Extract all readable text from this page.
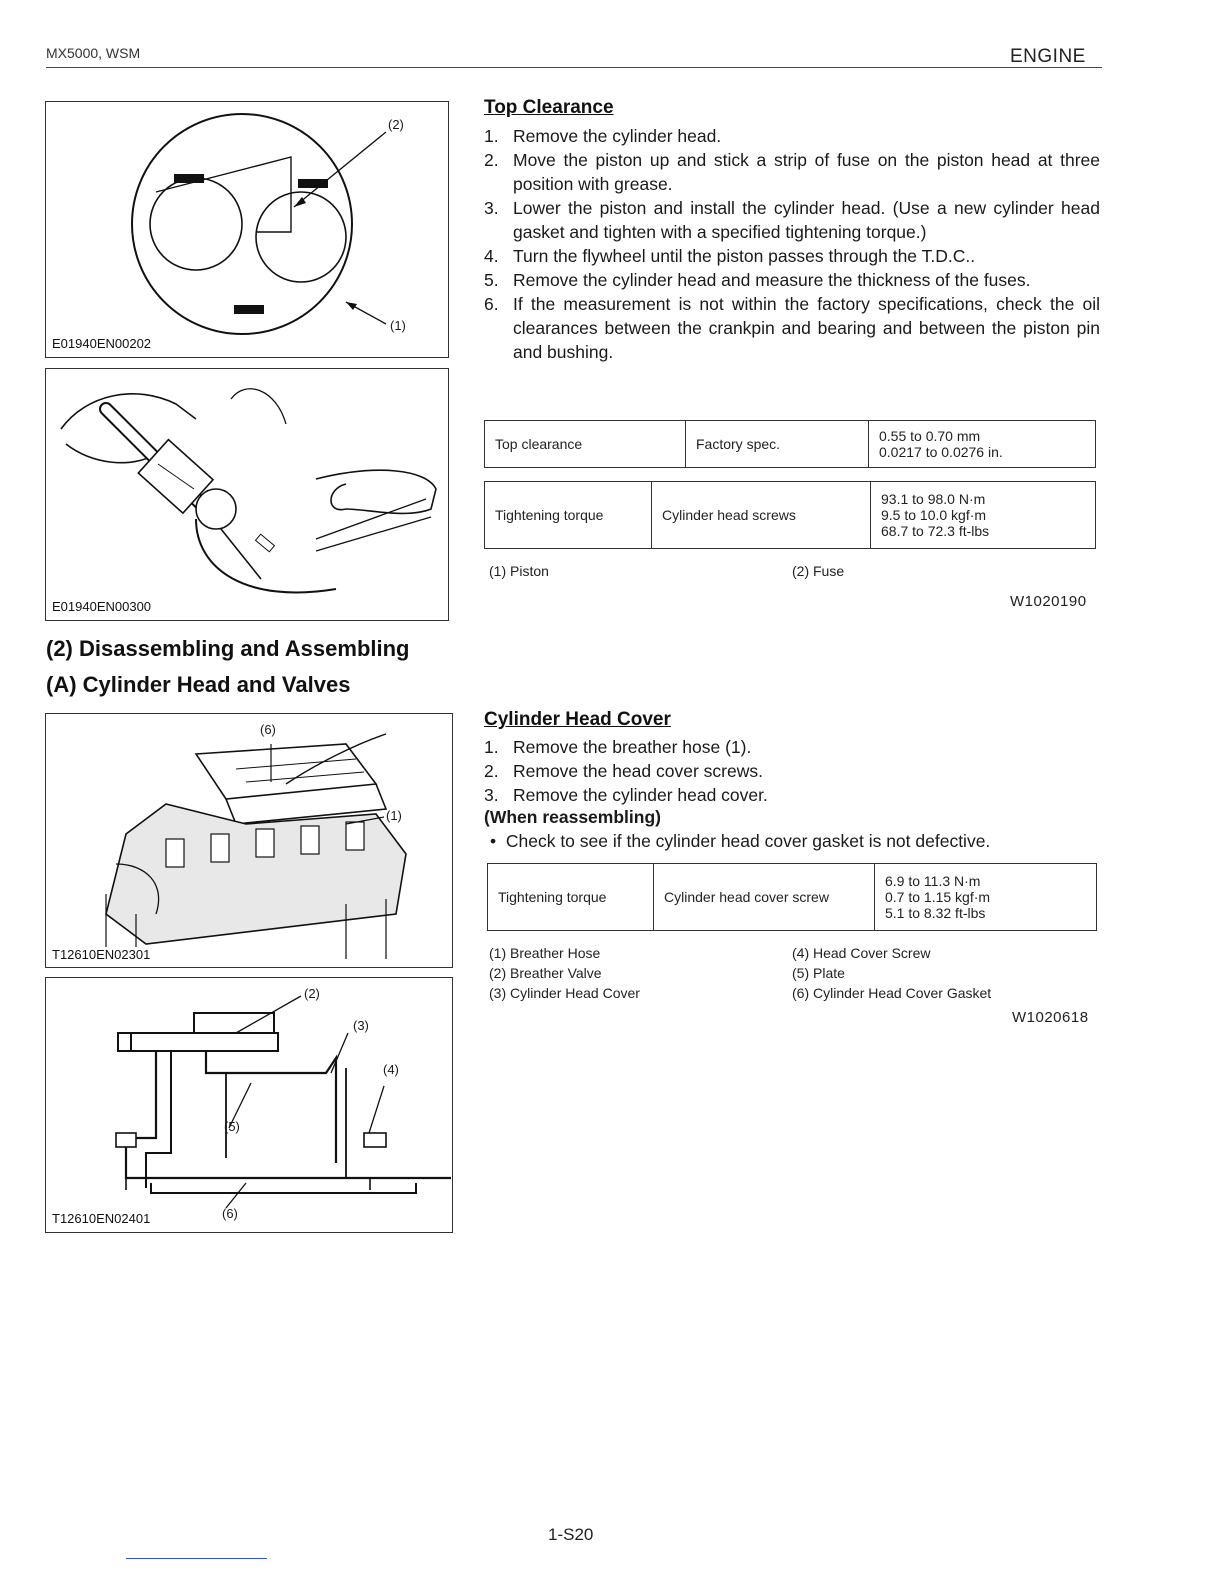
MX5000, WSM	ENGINE
(2)
(1)
E01940EN00202
E01940EN00300
Top Clearance
1. Remove the cylinder head.
2. Move the piston up and stick a strip of fuse on the piston head at three position with grease.
3. Lower the piston and install the cylinder head. (Use a new cylinder head gasket and tighten with a specified tightening torque.)
4. Turn the flywheel until the piston passes through the T.D.C..
5. Remove the cylinder head and measure the thickness of the fuses.
6. If the measurement is not within the factory specifications, check the oil clearances between the crankpin and bearing and between the piston pin and bushing.
Top clearance	Factory spec.	0.55 to 0.70 mm
0.0217 to 0.0276 in.
Tightening torque	Cylinder head screws	
93.1 to 98.0 N·m
9.5 to 10.0 kgf·m
68.7 to 72.3 ft-lbs
(1) Piston	(2) Fuse
W1020190
(2) Disassembling and Assembling
(A) Cylinder Head and Valves
(6)
(1)
T12610EN02301
(2)
(3)
(4)
(5)
(6)
T12610EN02401
Cylinder Head Cover
1. Remove the breather hose (1).
2. Remove the head cover screws.
3. Remove the cylinder head cover.
(When reassembling)
•  Check to see if the cylinder head cover gasket is not defective.
Tightening torque	Cylinder head cover screw	
6.9 to 11.3 N·m
0.7 to 1.15 kgf·m
5.1 to 8.32 ft-lbs
(1) Breather Hose
(2) Breather Valve
(3) Cylinder Head Cover
(4) Head Cover Screw
(5) Plate
(6) Cylinder Head Cover Gasket
W1020618
1-S20
